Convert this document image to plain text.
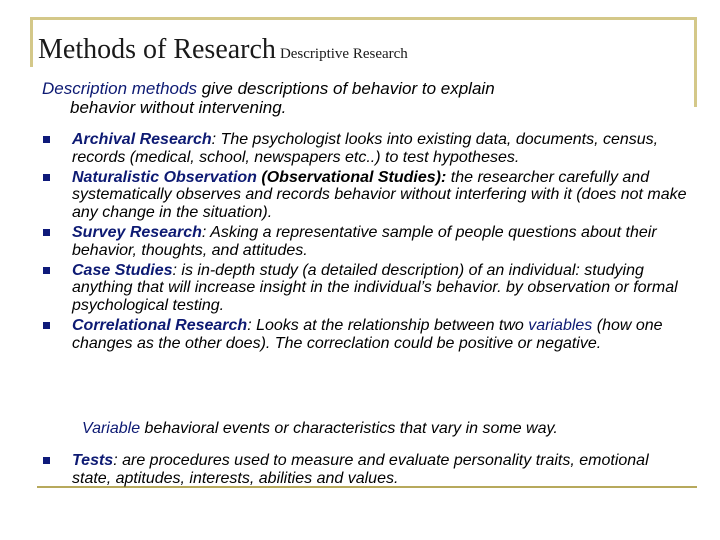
Methods of Research Descriptive Research
Description methods give descriptions of behavior to explain
behavior without intervening.
Archival Research: The psychologist looks into existing data, documents, census, records (medical, school, newspapers etc..) to test hypotheses.
Naturalistic Observation (Observational Studies): the researcher carefully and systematically observes and records behavior without interfering with it (does not make any change in the situation).
Survey Research: Asking a representative sample of people questions about their behavior, thoughts, and attitudes.
Case Studies: is in-depth study (a detailed description) of an individual: studying anything that will increase insight in the individual’s behavior. by observation or formal psychological testing.
Correlational Research: Looks at the relationship between two variables (how one changes as the other does). The correclation could be positive or negative.
Variable behavioral events or characteristics that vary in some way.
Tests: are procedures used to measure and evaluate personality traits, emotional state, aptitudes, interests, abilities and values.
